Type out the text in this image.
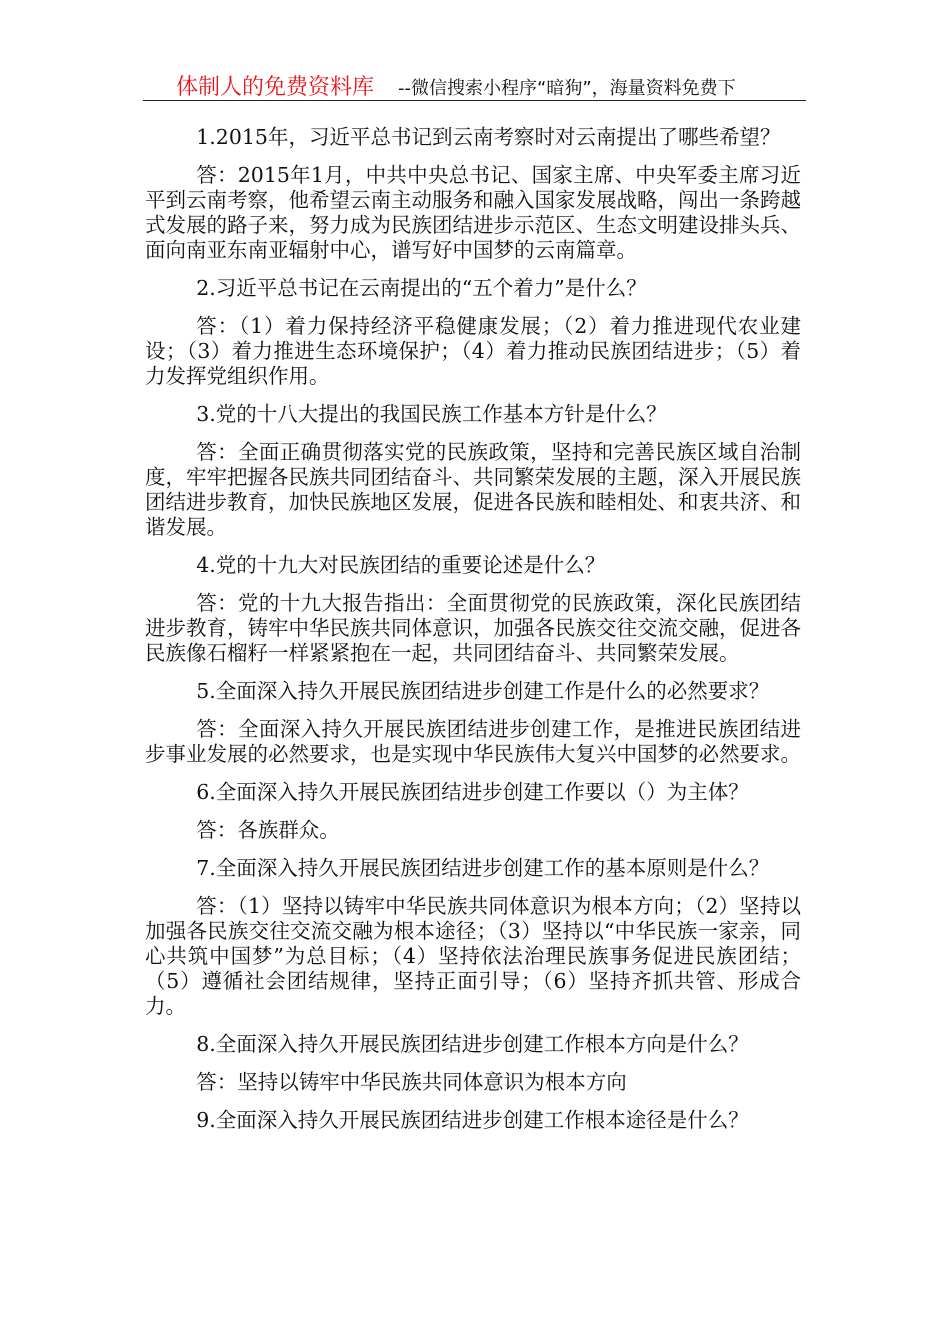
体制人的免费资料库 --微信搜索小程序“暗狗”，海量资料免费下

1.2015年，习近平总书记到云南考察时对云南提出了哪些希望？

答：2015年1月，中共中央总书记、国家主席、中央军委主席习近平到云南考察，他希望云南主动服务和融入国家发展战略，闯出一条跨越式发展的路子来，努力成为民族团结进步示范区、生态文明建设排头兵、面向南亚东南亚辐射中心，谱写好中国梦的云南篇章。

2.习近平总书记在云南提出的“五个着力”是什么？

答：（1）着力保持经济平稳健康发展；（2）着力推进现代农业建设；（3）着力推进生态环境保护；（4）着力推动民族团结进步；（5）着力发挥党组织作用。

3.党的十八大提出的我国民族工作基本方针是什么？

答：全面正确贯彻落实党的民族政策，坚持和完善民族区域自治制度，牢牢把握各民族共同团结奋斗、共同繁荣发展的主题，深入开展民族团结进步教育，加快民族地区发展，促进各民族和睦相处、和衷共济、和谐发展。

4.党的十九大对民族团结的重要论述是什么？

答：党的十九大报告指出：全面贯彻党的民族政策，深化民族团结进步教育，铸牢中华民族共同体意识，加强各民族交往交流交融，促进各民族像石榴籽一样紧紧抱在一起，共同团结奋斗、共同繁荣发展。

5.全面深入持久开展民族团结进步创建工作是什么的必然要求？

答：全面深入持久开展民族团结进步创建工作，是推进民族团结进步事业发展的必然要求，也是实现中华民族伟大复兴中国梦的必然要求。

6.全面深入持久开展民族团结进步创建工作要以（）为主体？

答：各族群众。

7.全面深入持久开展民族团结进步创建工作的基本原则是什么？

答：（1）坚持以铸牢中华民族共同体意识为根本方向；（2）坚持以加强各民族交往交流交融为根本途径；（3）坚持以“中华民族一家亲，同心共筑中国梦”为总目标；（4）坚持依法治理民族事务促进民族团结；（5）遵循社会团结规律，坚持正面引导；（6）坚持齐抓共管、形成合力。

8.全面深入持久开展民族团结进步创建工作根本方向是什么？

答：坚持以铸牢中华民族共同体意识为根本方向

9.全面深入持久开展民族团结进步创建工作根本途径是什么？
